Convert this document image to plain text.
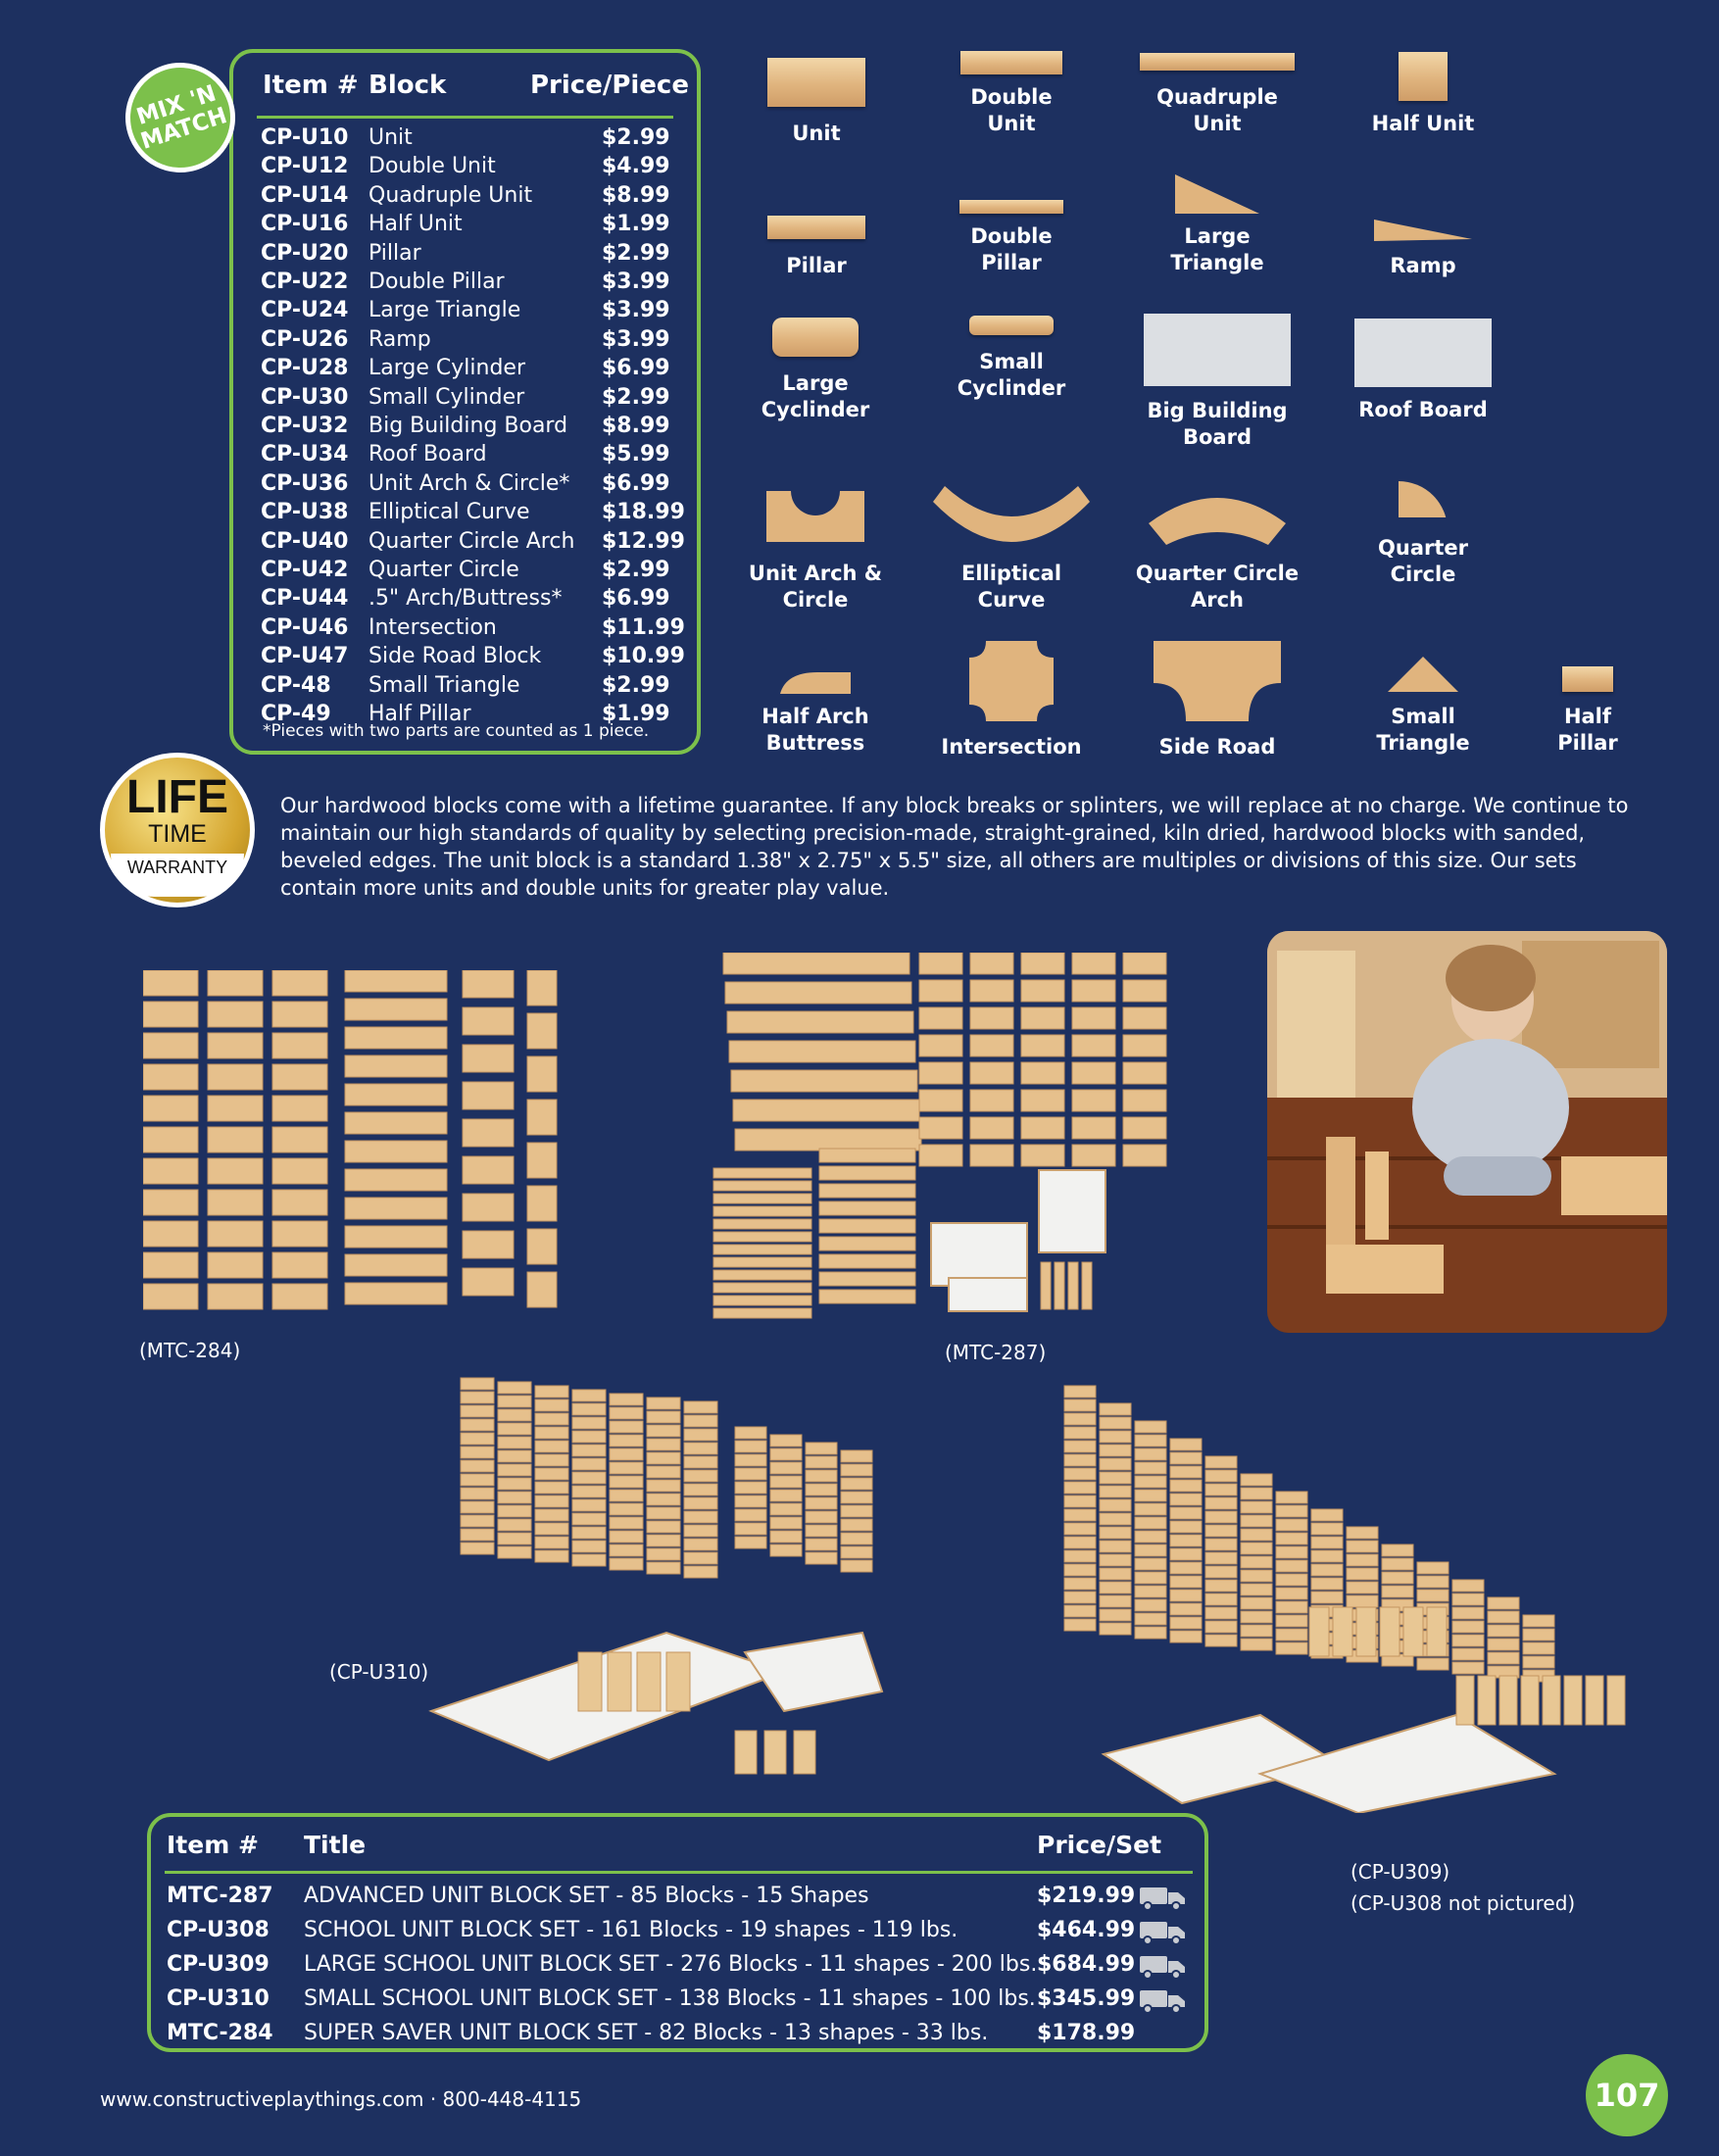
Item # Block	Price/Piece
CP-U10 Unit	$2.99
CP-U12 Double Unit	$4.99
CP-U14 Quadruple Unit	$8.99
CP-U16 Half Unit	$1.99
CP-U20 Pillar	$2.99
CP-U22 Double Pillar	$3.99
CP-U24 Large Triangle	$3.99
CP-U26 Ramp	$3.99
CP-U28 Large Cylinder	$6.99
CP-U30 Small Cylinder	$2.99
CP-U32 Big Building Board $8.99
CP-U34 Roof Board	$5.99
CP-U36 Unit Arch & Circle* $6.99
CP-U38 Elliptical Curve	$18.99
CP-U40 Quarter Circle Arch $12.99
CP-U42 Quarter Circle	$2.99
CP-U44 .5" Arch/Buttress* $6.99
CP-U46 Intersection	$11.99
CP-U47 Side Road Block	$10.99
CP-48 Small Triangle	$2.99
CP-49 Half Pillar	$1.99
*Pieces with two parts are counted as 1 piece.
MIX 'N
MATCH	Unit
Double
Unit
Quadruple
Unit	Half Unit
Pillar
Double
Pillar
Large
Triangle	Ramp
Large
Cyclinder
Small
Cyclinder
Big Building
Board
Roof Board
Unit Arch &
Circle
Elliptical
Curve
Quarter Circle
Arch
Quarter Circle
Half Arch
Buttress	Intersection	Side Road
Small
Triangle
Half
Pillar
LIFE
TIME
WARRANTY
Our hardwood blocks come with a lifetime guarantee. If any block breaks or splinters, we will replace at no charge. We continue to maintain our high standards of quality by selecting precision-made, straight-grained, kiln dried, hardwood blocks with sanded, beveled edges. The unit block is a standard 1.38" x 2.75" x 5.5" size, all others are multiples or divisions of this size. Our sets contain more units and double units for greater play value.
(MTC-284)	(MTC-287)
(CP-U310)
(CP-U309)
(CP-U308 not pictured)
Item # Title	Price/Set
MTC-287 ADVANCED UNIT BLOCK SET - 85 Blocks - 15 Shapes	$219.99
CP-U308 SCHOOL UNIT BLOCK SET - 161 Blocks - 19 shapes - 119 lbs.	$464.99
CP-U309 LARGE SCHOOL UNIT BLOCK SET - 276 Blocks - 11 shapes - 200 lbs. $684.99
CP-U310 SMALL SCHOOL UNIT BLOCK SET - 138 Blocks - 11 shapes - 100 lbs. $345.99
MTC-284 SUPER SAVER UNIT BLOCK SET - 82 Blocks - 13 shapes - 33 lbs. $178.99
www.constructiveplaythings.com · 800-448-4115	107
